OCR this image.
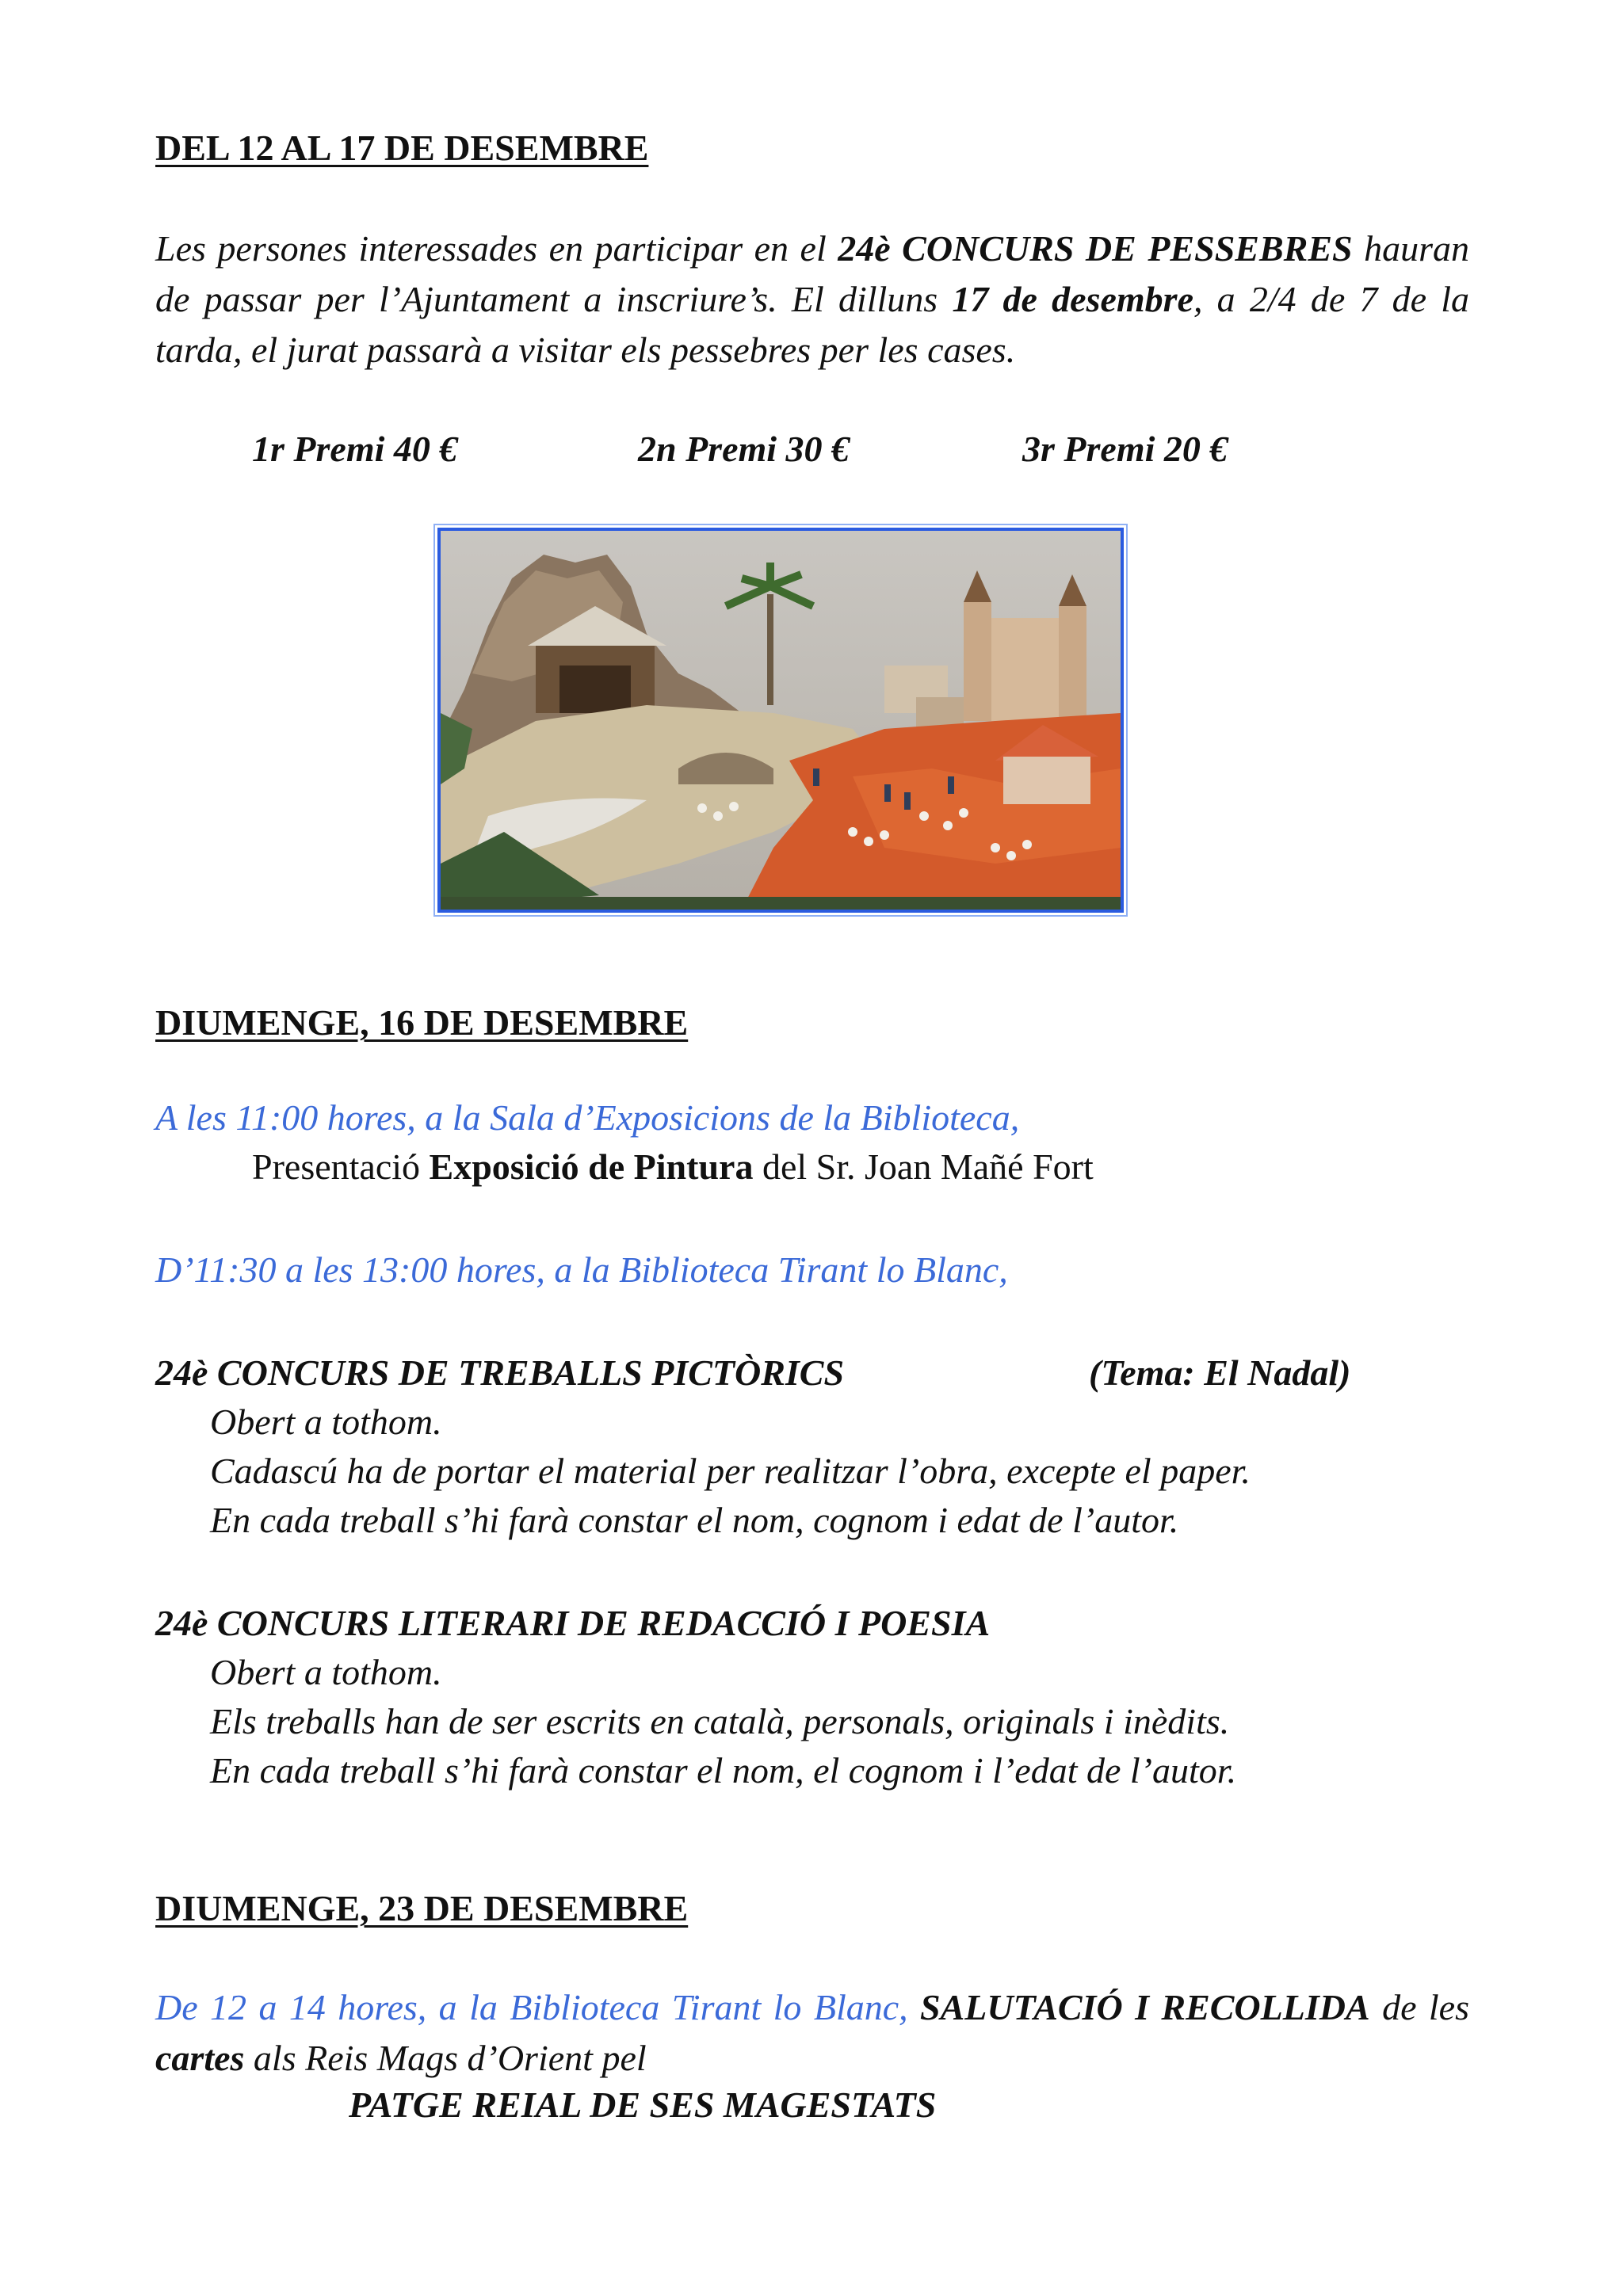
DEL 12 AL 17 DE DESEMBRE

Les persones interessades en participar en el 24è CONCURS DE PESSEBRES hauran de passar per l’Ajuntament a inscriure’s. El dilluns 17 de desembre, a 2/4 de 7 de la tarda, el jurat passarà a visitar els pessebres per les cases.

1r Premi 40 €	2n Premi 30 €	3r Premi 20 €
DIUMENGE, 16 DE DESEMBRE

A les 11:00 hores, a la Sala d’Exposicions de la Biblioteca,

Presentació Exposició de Pintura del Sr. Joan Mañé Fort

D’11:30 a les 13:00 hores, a la Biblioteca Tirant lo Blanc,

24è CONCURS DE TREBALLS PICTÒRICS	(Tema: El Nadal)

Obert a tothom.

Cadascú ha de portar el material per realitzar l’obra, excepte el paper.

En cada treball s’hi farà constar el nom, cognom i edat de l’autor.

24è CONCURS LITERARI DE REDACCIÓ I POESIA

Obert a tothom.

Els treballs han de ser escrits en català, personals, originals i inèdits.

En cada treball s’hi farà constar el nom, el cognom i l’edat de l’autor.

DIUMENGE, 23 DE DESEMBRE

De 12 a 14 hores, a la Biblioteca Tirant lo Blanc, SALUTACIÓ I RECOLLIDA de les cartes als Reis Mags d’Orient pel

PATGE REIAL DE SES MAGESTATS
